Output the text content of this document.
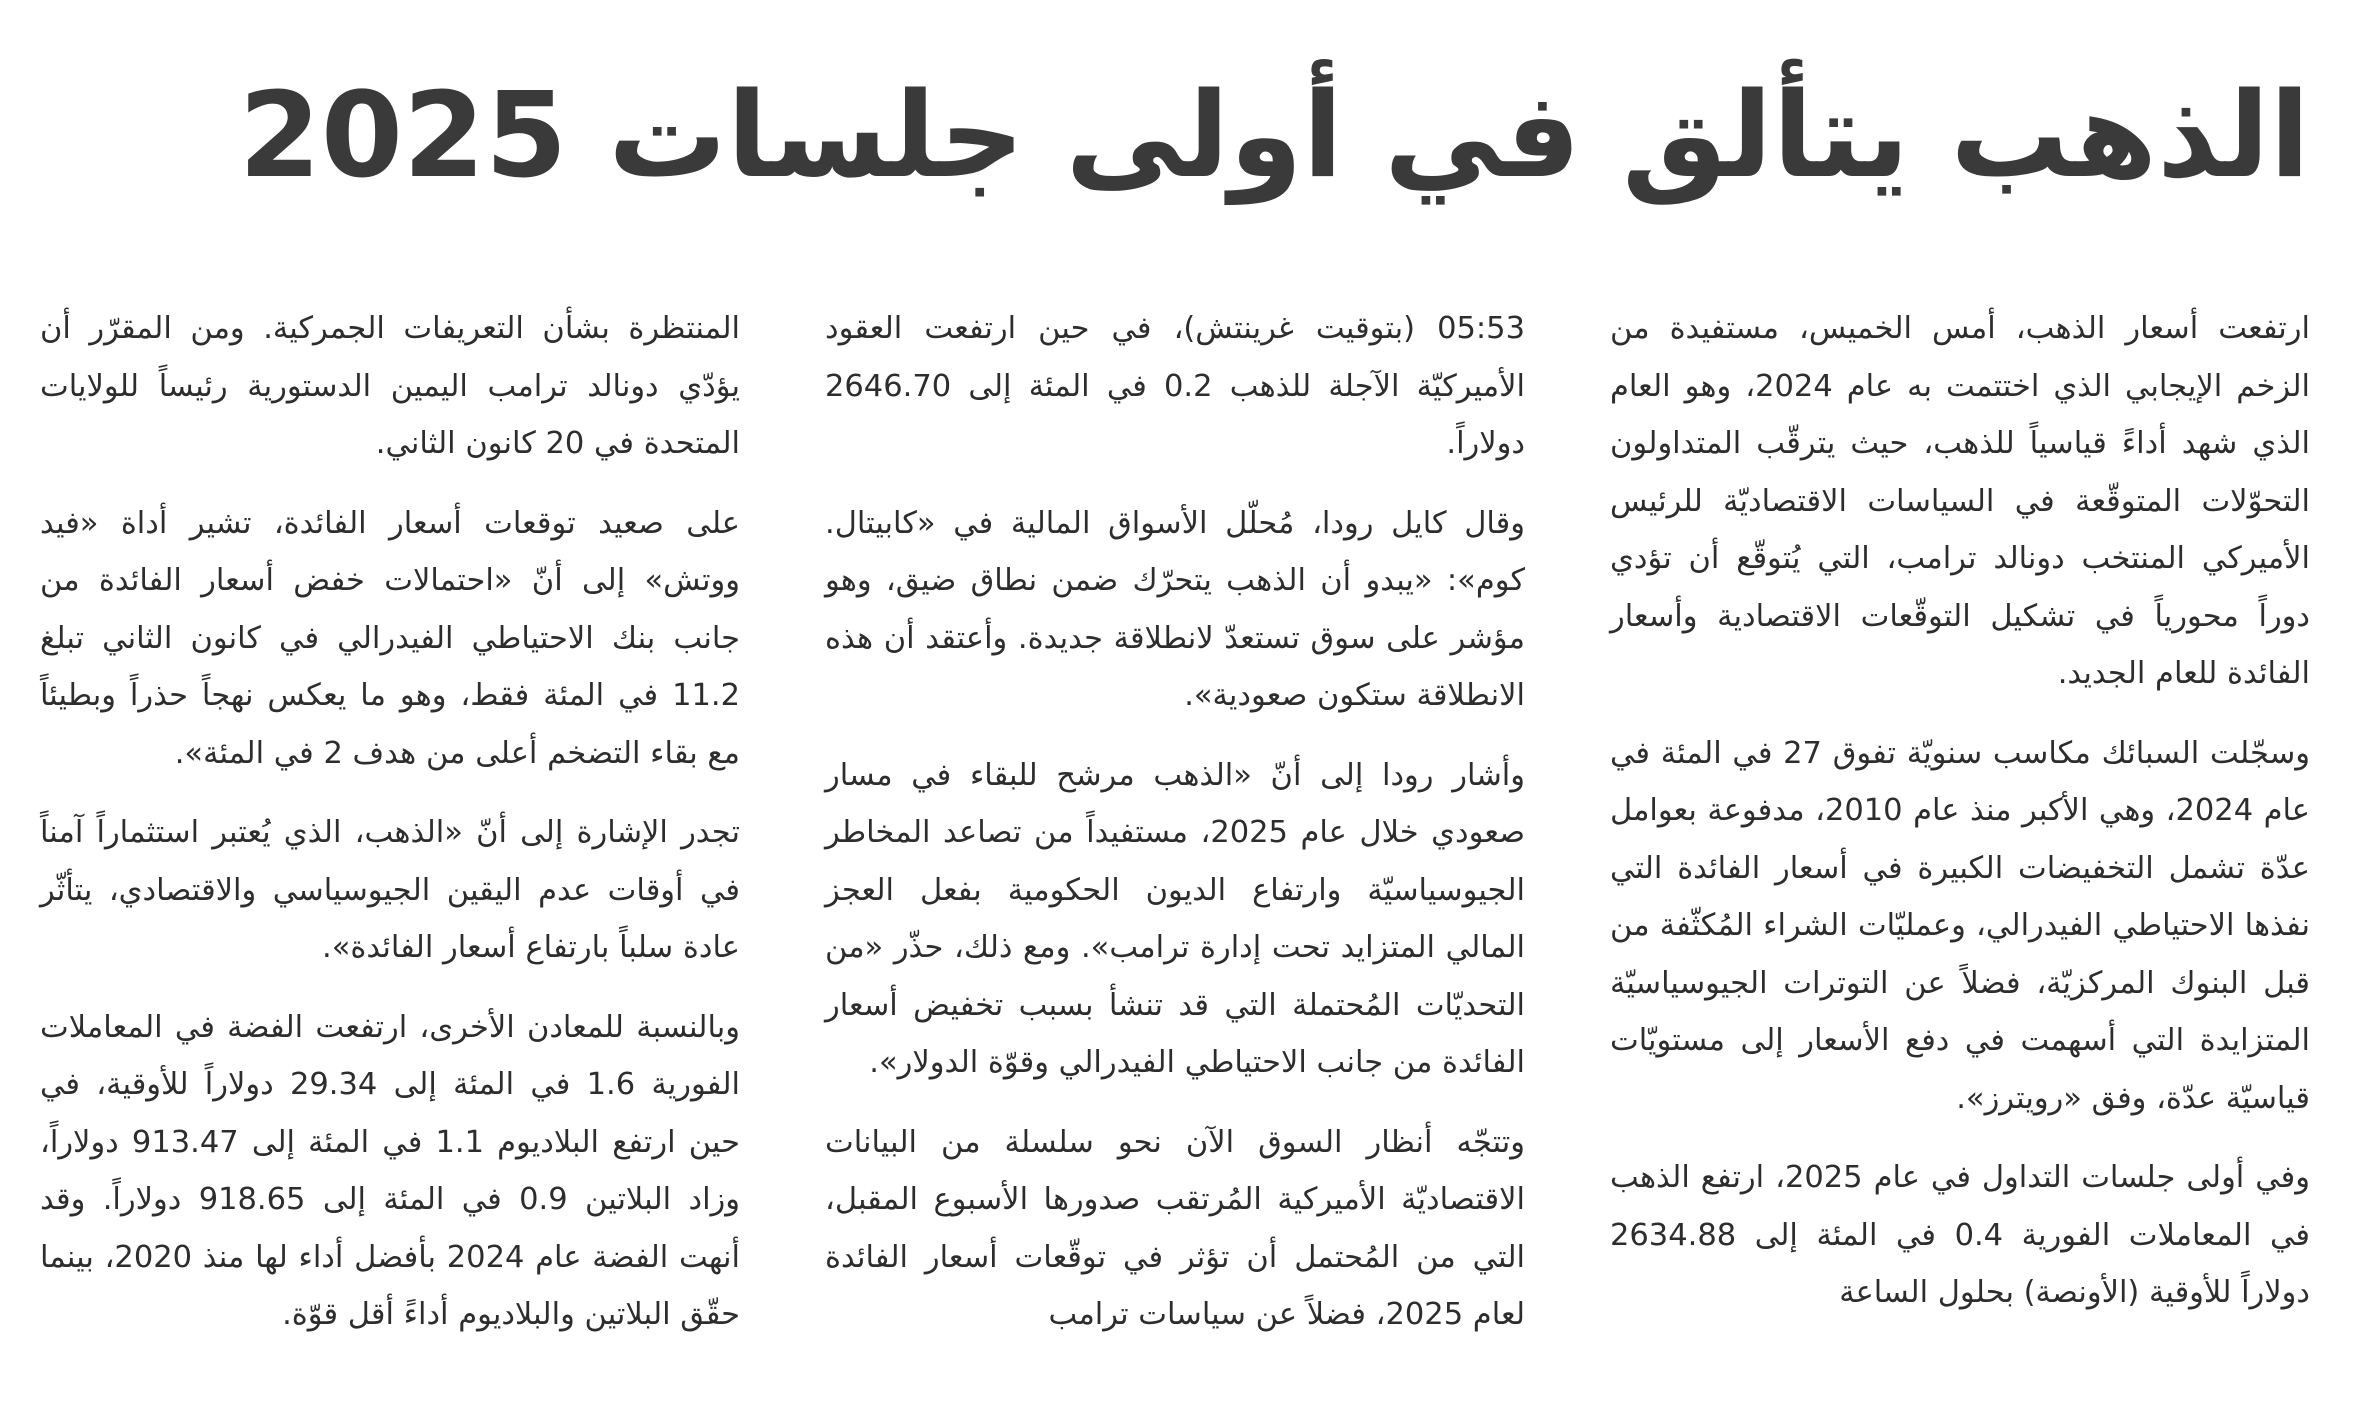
الذهب يتألق في أولى جلسات 2025

ارتفعت أسعار الذهب، أمس الخميس، مستفيدة من الزخم الإيجابي الذي اختتمت به عام 2024، وهو العام الذي شهد أداءً قياسياً للذهب، حيث يترقّب المتداولون التحوّلات المتوقّعة في السياسات الاقتصاديّة للرئيس الأميركي المنتخب دونالد ترامب، التي يُتوقّع أن تؤدي دوراً محورياً في تشكيل التوقّعات الاقتصادية وأسعار الفائدة للعام الجديد.

وسجّلت السبائك مكاسب سنويّة تفوق 27 في المئة في عام 2024، وهي الأكبر منذ عام 2010، مدفوعة بعوامل عدّة تشمل التخفيضات الكبيرة في أسعار الفائدة التي نفذها الاحتياطي الفيدرالي، وعمليّات الشراء المُكثّفة من قبل البنوك المركزيّة، فضلاً عن التوترات الجيوسياسيّة المتزايدة التي أسهمت في دفع الأسعار إلى مستويّات قياسيّة عدّة، وفق «رويترز».

وفي أولى جلسات التداول في عام 2025، ارتفع الذهب في المعاملات الفورية 0.4 في المئة إلى 2634.88 دولاراً للأوقية (الأونصة) بحلول الساعة

05:53 (بتوقيت غرينتش)، في حين ارتفعت العقود الأميركيّة الآجلة للذهب 0.2 في المئة إلى 2646.70 دولاراً.

وقال كايل رودا، مُحلّل الأسواق المالية في «كابيتال. كوم»: «يبدو أن الذهب يتحرّك ضمن نطاق ضيق، وهو مؤشر على سوق تستعدّ لانطلاقة جديدة. وأعتقد أن هذه الانطلاقة ستكون صعودية».

وأشار رودا إلى أنّ «الذهب مرشح للبقاء في مسار صعودي خلال عام 2025، مستفيداً من تصاعد المخاطر الجيوسياسيّة وارتفاع الديون الحكومية بفعل العجز المالي المتزايد تحت إدارة ترامب». ومع ذلك، حذّر «من التحديّات المُحتملة التي قد تنشأ بسبب تخفيض أسعار الفائدة من جانب الاحتياطي الفيدرالي وقوّة الدولار».

وتتجّه أنظار السوق الآن نحو سلسلة من البيانات الاقتصاديّة الأميركية المُرتقب صدورها الأسبوع المقبل، التي من المُحتمل أن تؤثر في توقّعات أسعار الفائدة لعام 2025، فضلاً عن سياسات ترامب

المنتظرة بشأن التعريفات الجمركية. ومن المقرّر أن يؤدّي دونالد ترامب اليمين الدستورية رئيساً للولايات المتحدة في 20 كانون الثاني.

على صعيد توقعات أسعار الفائدة، تشير أداة «فيد ووتش» إلى أنّ «احتمالات خفض أسعار الفائدة من جانب بنك الاحتياطي الفيدرالي في كانون الثاني تبلغ 11.2 في المئة فقط، وهو ما يعكس نهجاً حذراً وبطيئاً مع بقاء التضخم أعلى من هدف 2 في المئة».

تجدر الإشارة إلى أنّ «الذهب، الذي يُعتبر استثماراً آمناً في أوقات عدم اليقين الجيوسياسي والاقتصادي، يتأثّر عادة سلباً بارتفاع أسعار الفائدة».

وبالنسبة للمعادن الأخرى، ارتفعت الفضة في المعاملات الفورية 1.6 في المئة إلى 29.34 دولاراً للأوقية، في حين ارتفع البلاديوم 1.1 في المئة إلى 913.47 دولاراً، وزاد البلاتين 0.9 في المئة إلى 918.65 دولاراً. وقد أنهت الفضة عام 2024 بأفضل أداء لها منذ 2020، بينما حقّق البلاتين والبلاديوم أداءً أقل قوّة.
